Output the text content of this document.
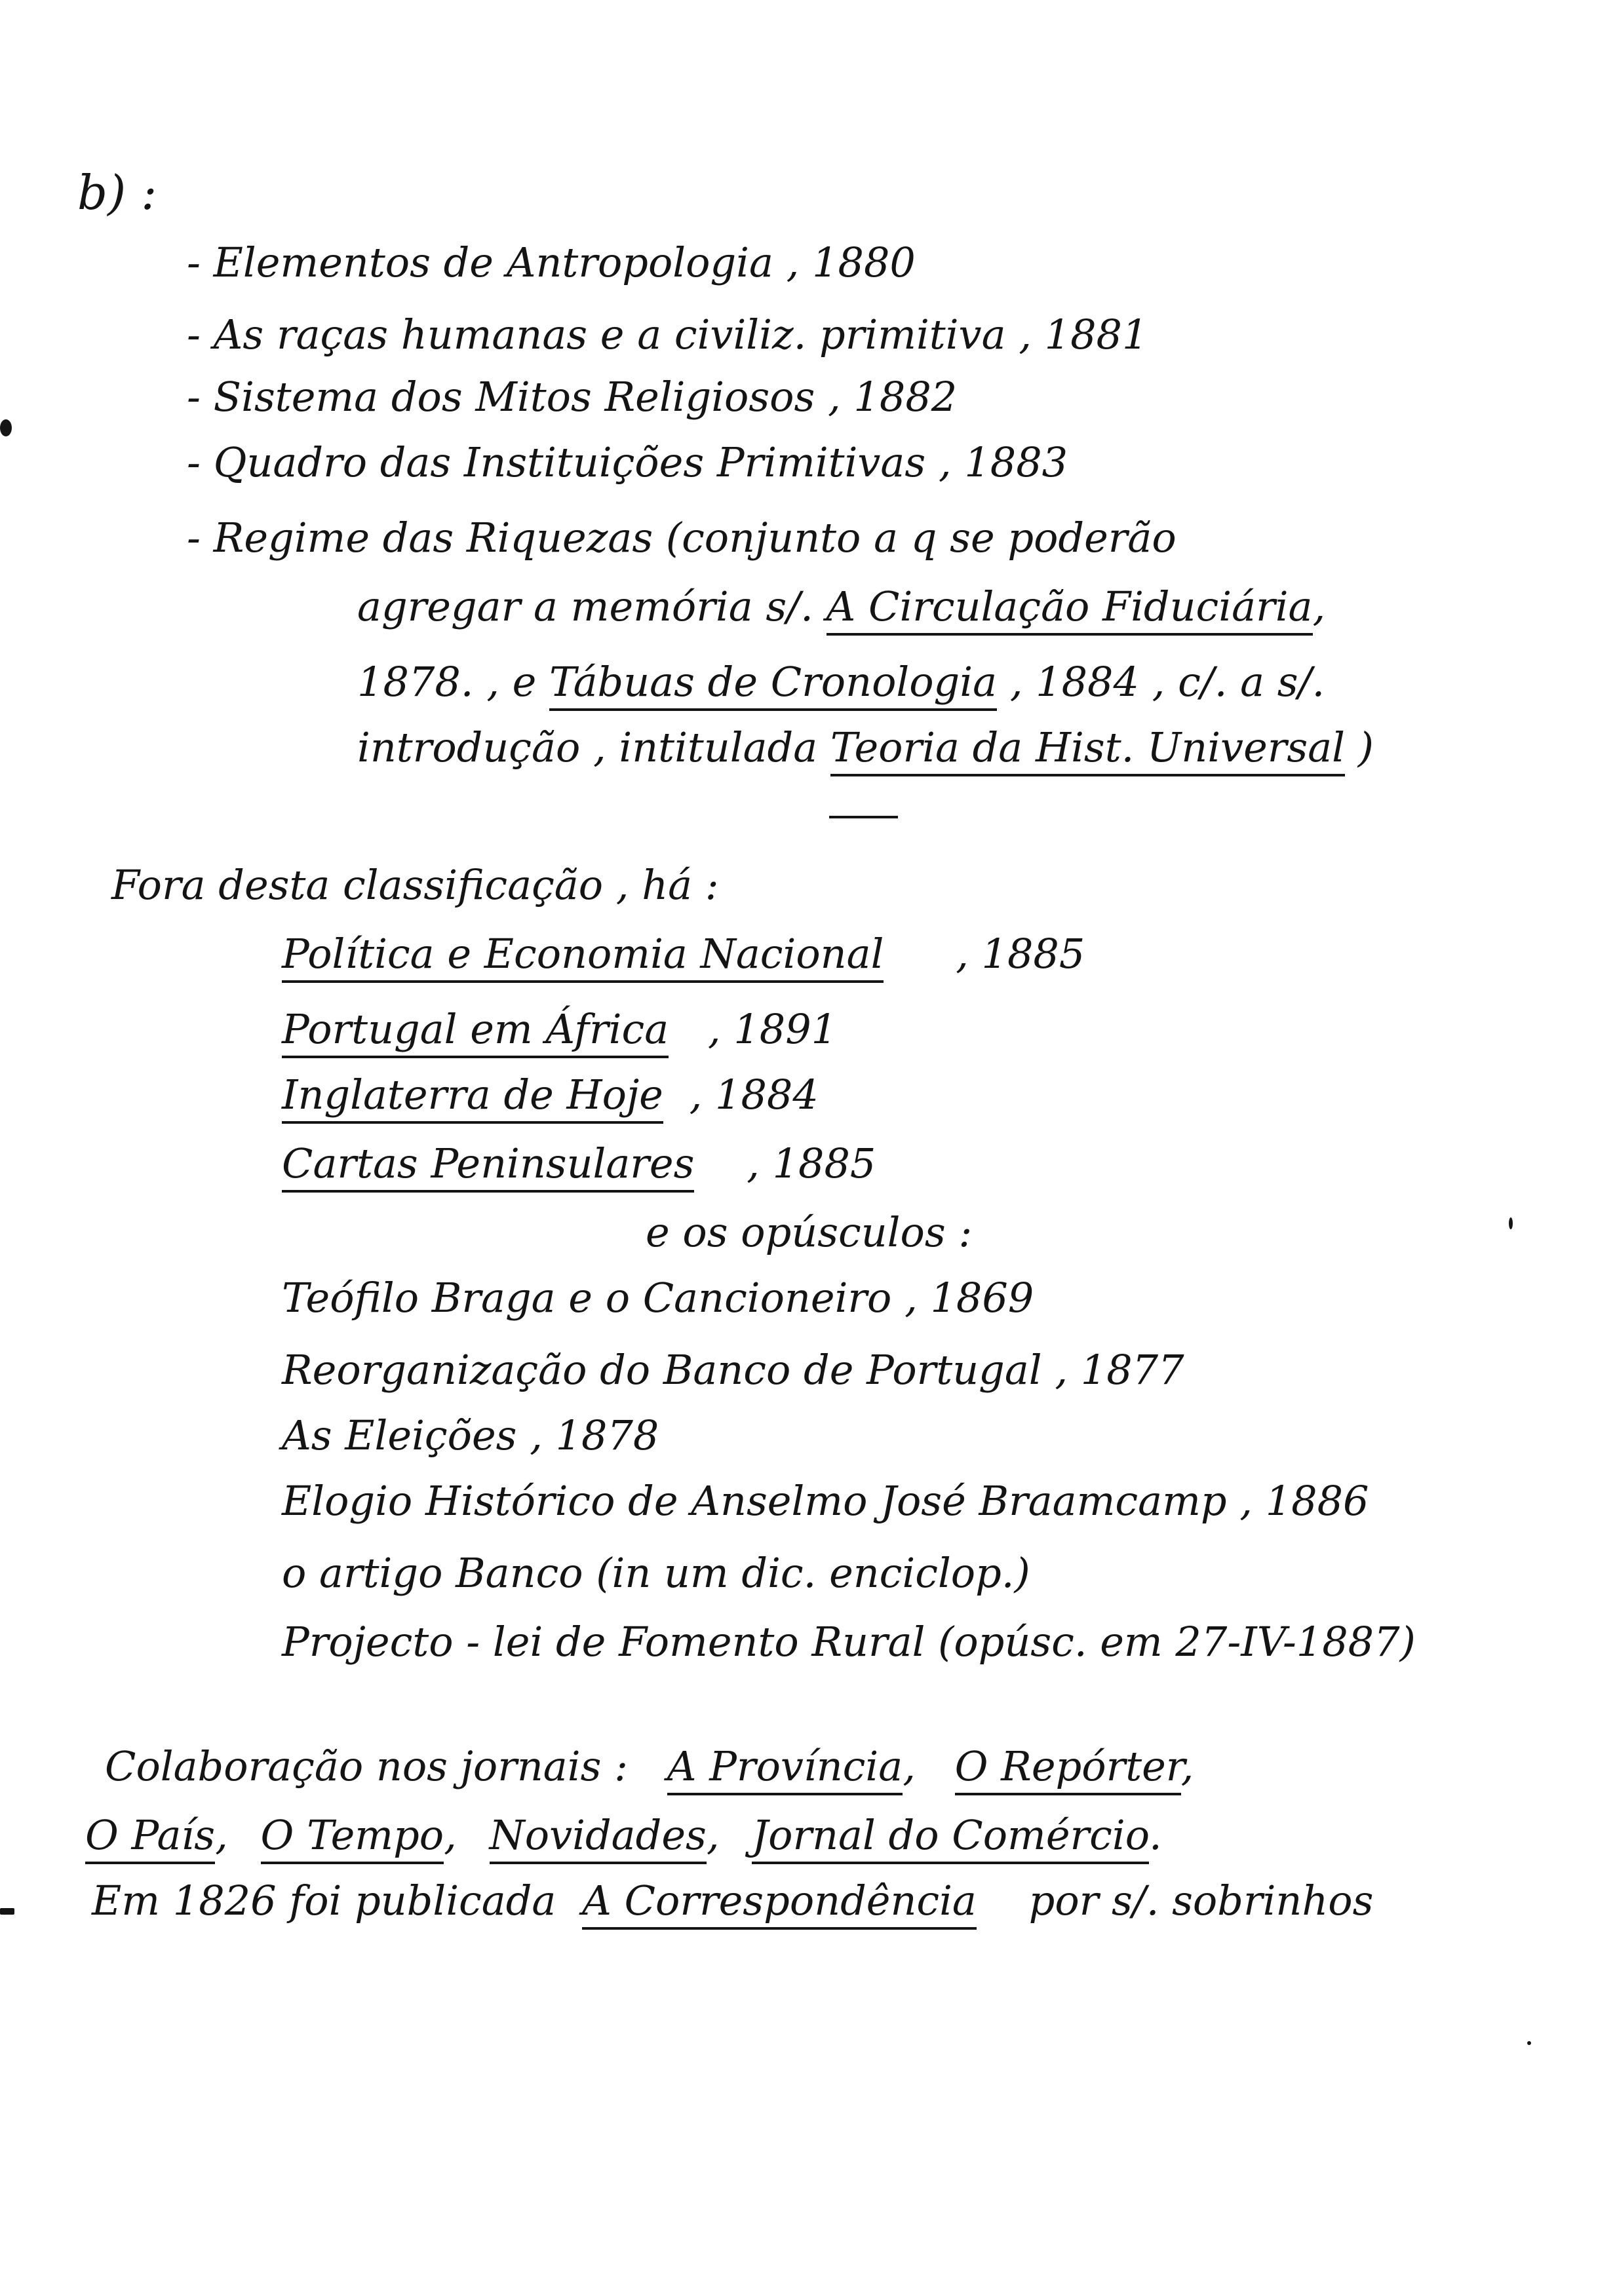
b) :
- Elementos de Antropologia , 1880
- As raças humanas e a civiliz. primitiva , 1881
- Sistema dos Mitos Religiosos , 1882
- Quadro das Instituições Primitivas , 1883
- Regime das Riquezas (conjunto a q se poderão
agregar a memória s/. A Circulação Fiduciária,
1878. , e Tábuas de Cronologia , 1884 , c/. a s/.
introdução , intitulada Teoria da Hist. Universal )
Fora desta classificação , há :
Política e Economia Nacional , 1885
Portugal em África , 1891
Inglaterra de Hoje , 1884
Cartas Peninsulares , 1885
e os opúsculos :
Teófilo Braga e o Cancioneiro , 1869
Reorganização do Banco de Portugal , 1877
As Eleições , 1878
Elogio Histórico de Anselmo José Braamcamp , 1886
o artigo Banco (in um dic. enciclop.)
Projecto - lei de Fomento Rural (opúsc. em 27-IV-1887)
Colaboração nos jornais : A Província, O Repórter,
O País, O Tempo, Novidades, Jornal do Comércio.
Em 1826 foi publicada A Correspondência por s/. sobrinhos
